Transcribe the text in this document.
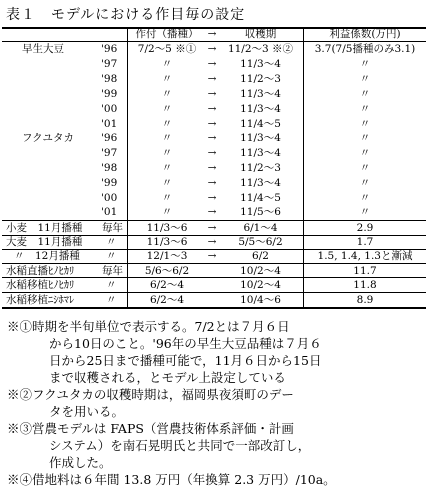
表１　モデルにおける作目毎の設定
作付（播種） →	収穫期	利益係数(万円)
早生大豆	'96	7/2～5 ※①	→	11/2～3 ※②	3.7(7/5播種のみ3.1)
'97	〃	→	11/3～4	〃
'98	〃	→	11/2～3	〃
'99	〃	→	11/3～4	〃
'00	〃	→	11/3～4	〃
'01	〃	→	11/4～5	〃
フクユタカ	'96	〃	→	11/3～4	〃
'97	〃	→	11/3～4	〃
'98	〃	→	11/2～3	〃
'99	〃	→	11/3～4	〃
'00	〃	→	11/4～5	〃
'01	〃	→	11/5～6	〃
小麦　11月播種 毎年	11/3～6	→	6/1～4	2.9
大麦　11月播種 〃	11/3～6	→	5/5～6/2	1.7
〃　12月播種 〃	12/1～3	→	6/2	1.5, 1.4, 1.3と漸減
水稲直播ﾋﾉﾋｶﾘ	毎年	5/6～6/2	10/2～4	11.7
水稲移植ﾋﾉﾋｶﾘ	〃	6/2～4	10/2～4	11.8
水稲移植ﾆｼﾎﾏﾚ	〃	6/2～4	10/4～6	8.9
※①時期を半旬単位で表示する。7/2とは７月６日
から10日のこと。'96年の早生大豆品種は７月６
日から25日まで播種可能で，11月６日から15日
まで収穫される，とモデル上設定している
※②フクユタカの収穫時期は，福岡県夜須町のデー
タを用いる。
※③営農モデルは FAPS（営農技術体系評価・計画
システム）を南石晃明氏と共同で一部改訂し，
作成した。
※④借地料は６年間 13.8 万円（年換算 2.3 万円）/10a。
